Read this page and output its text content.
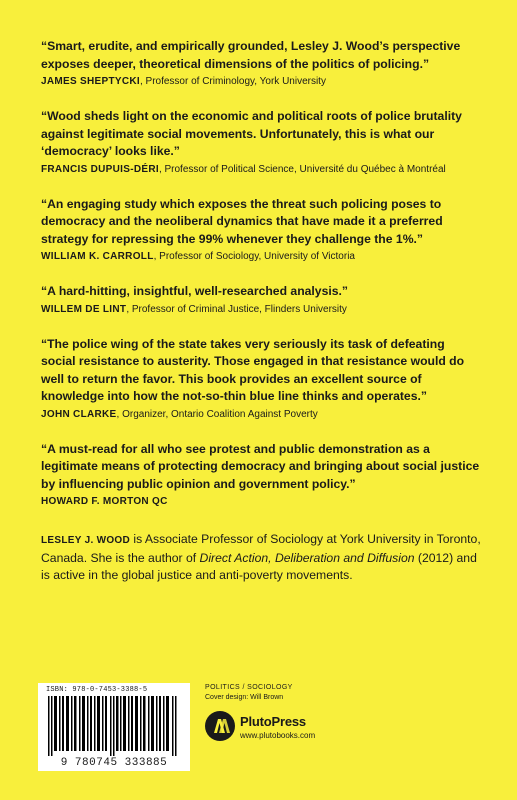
“Smart, erudite, and empirically grounded, Lesley J. Wood’s perspective exposes deeper, theoretical dimensions of the politics of policing.”

JAMES SHEPTYCKI, Professor of Criminology, York University

“Wood sheds light on the economic and political roots of police brutality against legitimate social movements. Unfortunately, this is what our ‘democracy’ looks like.”

FRANCIS DUPUIS-DÉRI, Professor of Political Science, Université du Québec à Montréal

“An engaging study which exposes the threat such policing poses to democracy and the neoliberal dynamics that have made it a preferred strategy for repressing the 99% whenever they challenge the 1%.”

WILLIAM K. CARROLL, Professor of Sociology, University of Victoria

“A hard-hitting, insightful, well-researched analysis.”

WILLEM DE LINT, Professor of Criminal Justice, Flinders University

“The police wing of the state takes very seriously its task of defeating social resistance to austerity. Those engaged in that resistance would do well to return the favor. This book provides an excellent source of knowledge into how the not-so-thin blue line thinks and operates.”

JOHN CLARKE, Organizer, Ontario Coalition Against Poverty

“A must-read for all who see protest and public demonstration as a legitimate means of protecting democracy and bringing about social justice by influencing public opinion and government policy.”

HOWARD F. MORTON QC
LESLEY J. WOOD is Associate Professor of Sociology at York University in Toronto, Canada. She is the author of Direct Action, Deliberation and Diffusion (2012) and is active in the global justice and anti-poverty movements.
ISBN: 978-0-7453-3388-5
9 780745 333885
POLITICS / SOCIOLOGY
Cover design: Will Brown
PlutoPress
www.plutobooks.com
